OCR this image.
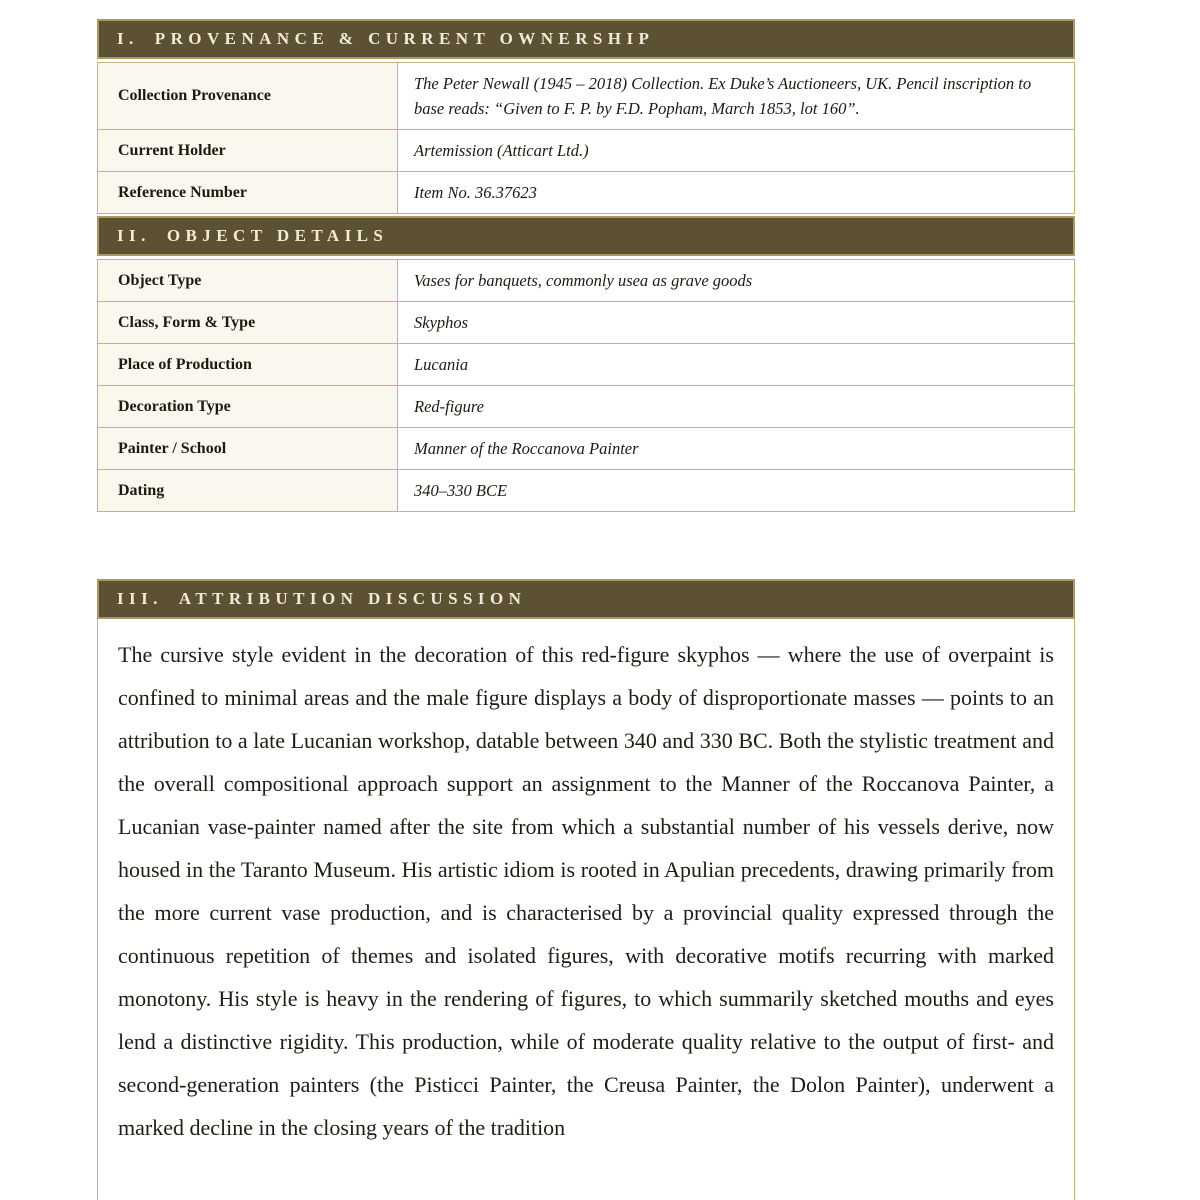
I. PROVENANCE & CURRENT OWNERSHIP
Collection Provenance	The Peter Newall (1945 – 2018) Collection. Ex Duke’s Auctioneers, UK. Pencil inscription to base reads: “Given to F. P. by F.D. Popham, March 1853, lot 160”.
Current Holder	Artemission (Atticart Ltd.)
Reference Number	Item No. 36.37623
II. OBJECT DETAILS
Object Type	Vases for banquets, commonly usea as grave goods
Class, Form & Type	Skyphos
Place of Production	Lucania
Decoration Type	Red-figure
Painter / School	Manner of the Roccanova Painter
Dating	340–330 BCE
III. ATTRIBUTION DISCUSSION

The cursive style evident in the decoration of this red-figure skyphos — where the use of overpaint is confined to minimal areas and the male figure displays a body of disproportionate masses — points to an attribution to a late Lucanian workshop, datable between 340 and 330 BC. Both the stylistic treatment and the overall compositional approach support an assignment to the Manner of the Roccanova Painter, a Lucanian vase-painter named after the site from which a substantial number of his vessels derive, now housed in the Taranto Museum. His artistic idiom is rooted in Apulian precedents, drawing primarily from the more current vase production, and is characterised by a provincial quality expressed through the continuous repetition of themes and isolated figures, with decorative motifs recurring with marked monotony. His style is heavy in the rendering of figures, to which summarily sketched mouths and eyes lend a distinctive rigidity. This production, while of moderate quality relative to the output of first- and second-generation painters (the Pisticci Painter, the Creusa Painter, the Dolon Painter), underwent a marked decline in the closing years of the tradition
